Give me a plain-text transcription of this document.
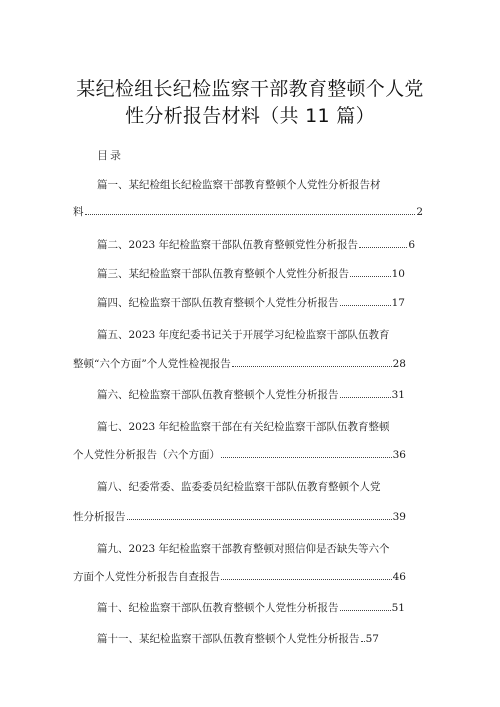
某纪检组长纪检监察干部教育整顿个人党
性分析报告材料（共 11 篇）
目录
篇一、某纪检组长纪检监察干部教育整顿个人党性分析报告材
料	2
篇二、2023 年纪检监察干部队伍教育整顿党性分析报告	6
篇三、某纪检监察干部队伍教育整顿个人党性分析报告	10
篇四、纪检监察干部队伍教育整顿个人党性分析报告	17
篇五、2023 年度纪委书记关于开展学习纪检监察干部队伍教育
整顿“六个方面”个人党性检视报告	28
篇六、纪检监察干部队伍教育整顿个人党性分析报告	31
篇七、2023 年纪检监察干部在有关纪检监察干部队伍教育整顿
个人党性分析报告（六个方面）	36
篇八、纪委常委、监委委员纪检监察干部队伍教育整顿个人党
性分析报告	39
篇九、2023 年纪检监察干部教育整顿对照信仰是否缺失等六个
方面个人党性分析报告自查报告	46
篇十、纪检监察干部队伍教育整顿个人党性分析报告	51
篇十一、某纪检监察干部队伍教育整顿个人党性分析报告 57
